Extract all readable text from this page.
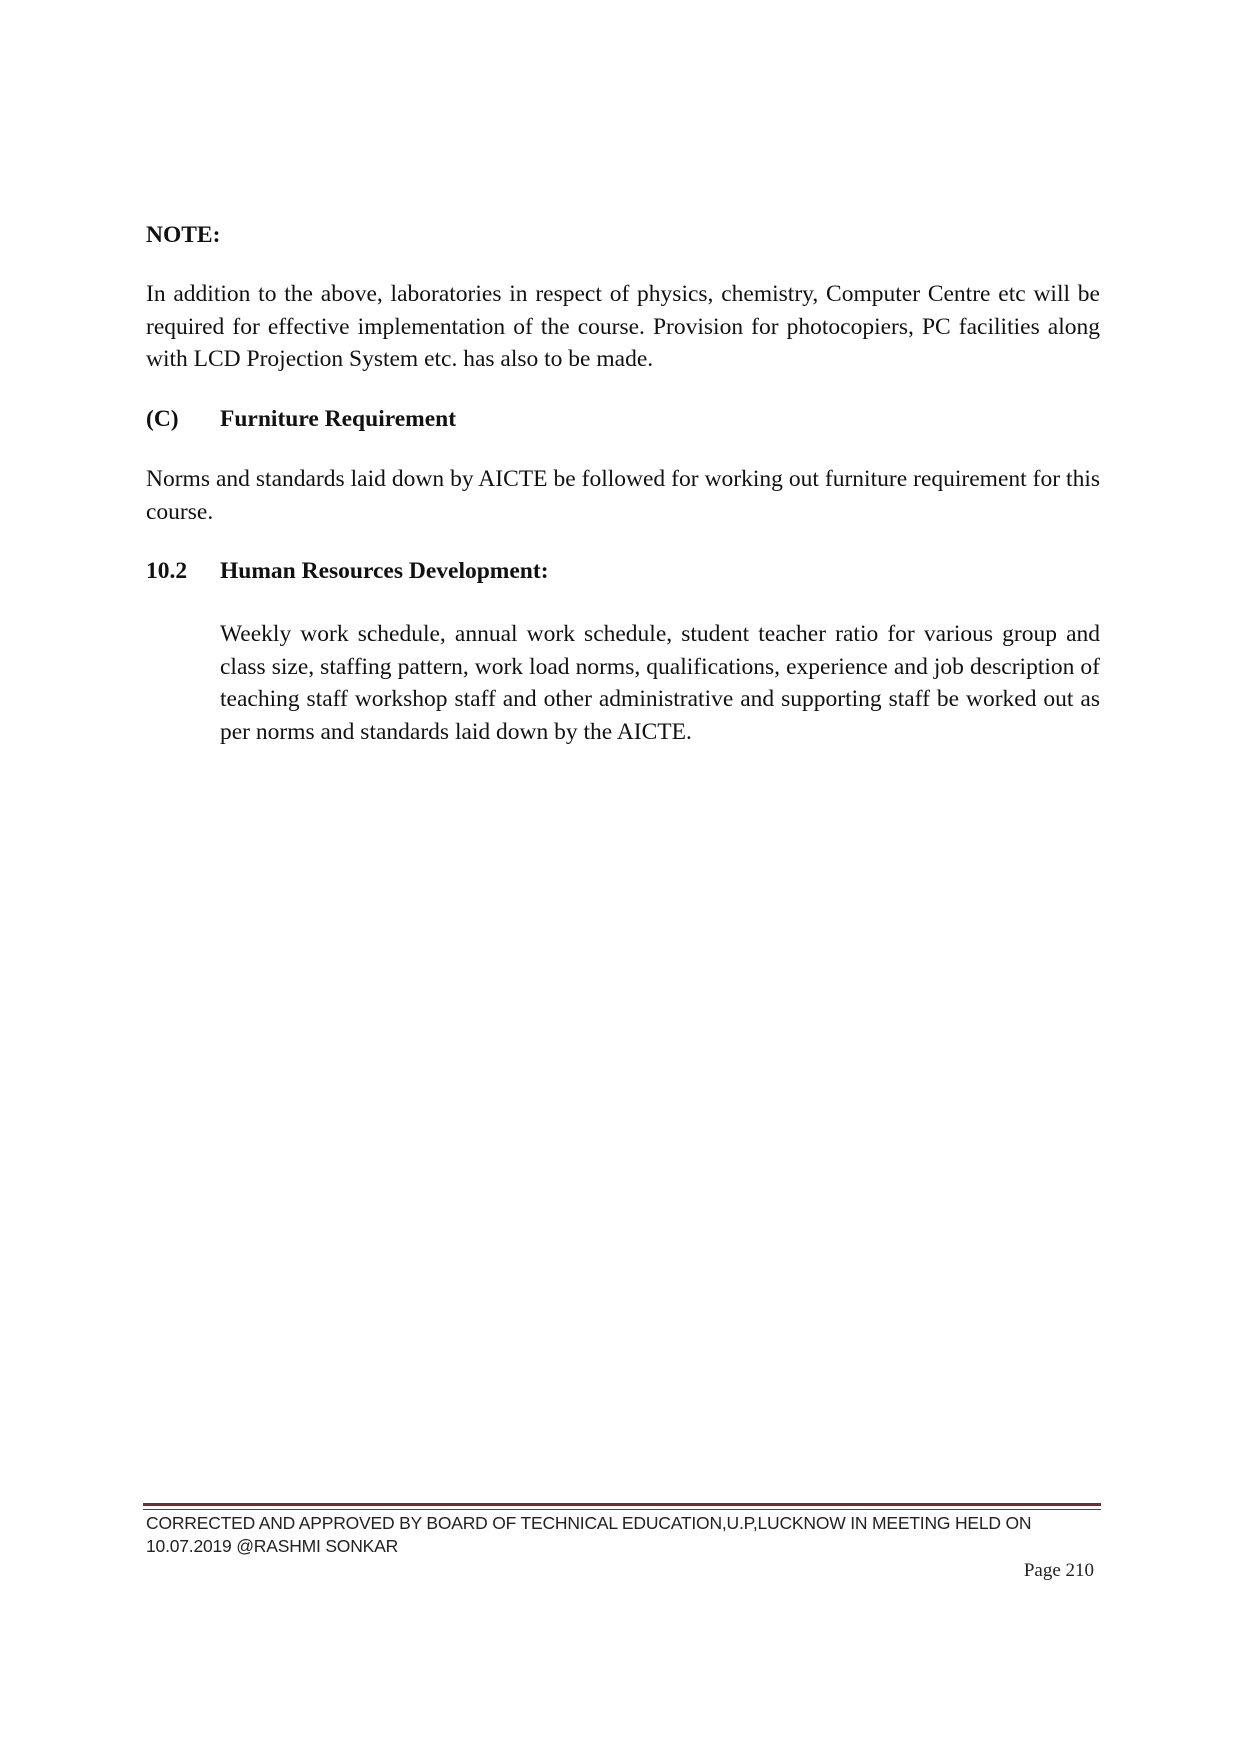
NOTE:
In addition to the above, laboratories in respect of physics, chemistry, Computer Centre etc will be required for effective implementation of the course. Provision for photocopiers, PC facilities along with LCD Projection System etc. has also to be made.
(C) Furniture Requirement
Norms and standards laid down by AICTE be followed for working out furniture requirement for this course.
10.2 Human Resources Development:
Weekly work schedule, annual work schedule, student teacher ratio for various group and class size, staffing pattern, work load norms, qualifications, experience and job description of teaching staff workshop staff and other administrative and supporting staff be worked out as per norms and standards laid down by the AICTE.
CORRECTED AND APPROVED BY BOARD OF TECHNICAL EDUCATION,U.P,LUCKNOW IN MEETING HELD ON
10.07.2019 @RASHMI SONKAR
Page 210
